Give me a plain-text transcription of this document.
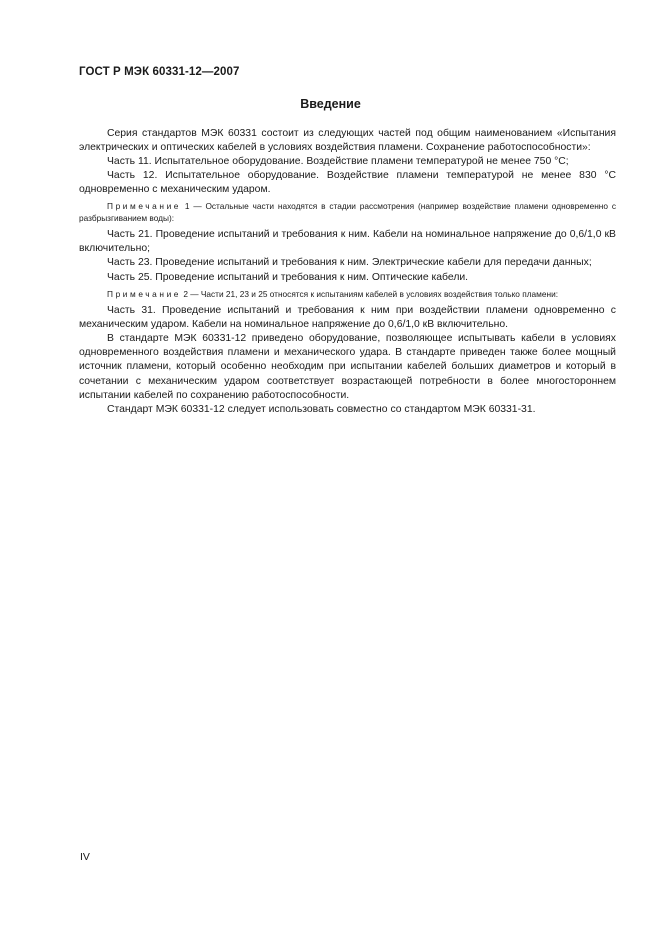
ГОСТ Р МЭК 60331-12—2007
Введение

Серия стандартов МЭК 60331 состоит из следующих частей под общим наименованием «Испытания электрических и оптических кабелей в условиях воздействия пламени. Сохранение работоспособности»:

Часть 11. Испытательное оборудование. Воздействие пламени температурой не менее 750 °С;

Часть 12. Испытательное оборудование. Воздействие пламени температурой не менее 830 °С одновременно с механическим ударом.

Примечание 1 — Остальные части находятся в стадии рассмотрения (например воздействие пламени одновременно с разбрызгиванием воды):

Часть 21. Проведение испытаний и требования к ним. Кабели на номинальное напряжение до 0,6/1,0 кВ включительно;

Часть 23. Проведение испытаний и требования к ним. Электрические кабели для передачи данных;

Часть 25. Проведение испытаний и требования к ним. Оптические кабели.

Примечание 2 — Части 21, 23 и 25 относятся к испытаниям кабелей в условиях воздействия только пламени:

Часть 31. Проведение испытаний и требования к ним при воздействии пламени одновременно с механическим ударом. Кабели на номинальное напряжение до 0,6/1,0 кВ включительно.

В стандарте МЭК 60331-12 приведено оборудование, позволяющее испытывать кабели в условиях одновременного воздействия пламени и механического удара. В стандарте приведен также более мощный источник пламени, который особенно необходим при испытании кабелей больших диаметров и который в сочетании с механическим ударом соответствует возрастающей потребности в более многостороннем испытании кабелей по сохранению работоспособности.

Стандарт МЭК 60331-12 следует использовать совместно со стандартом МЭК 60331-31.

IV
